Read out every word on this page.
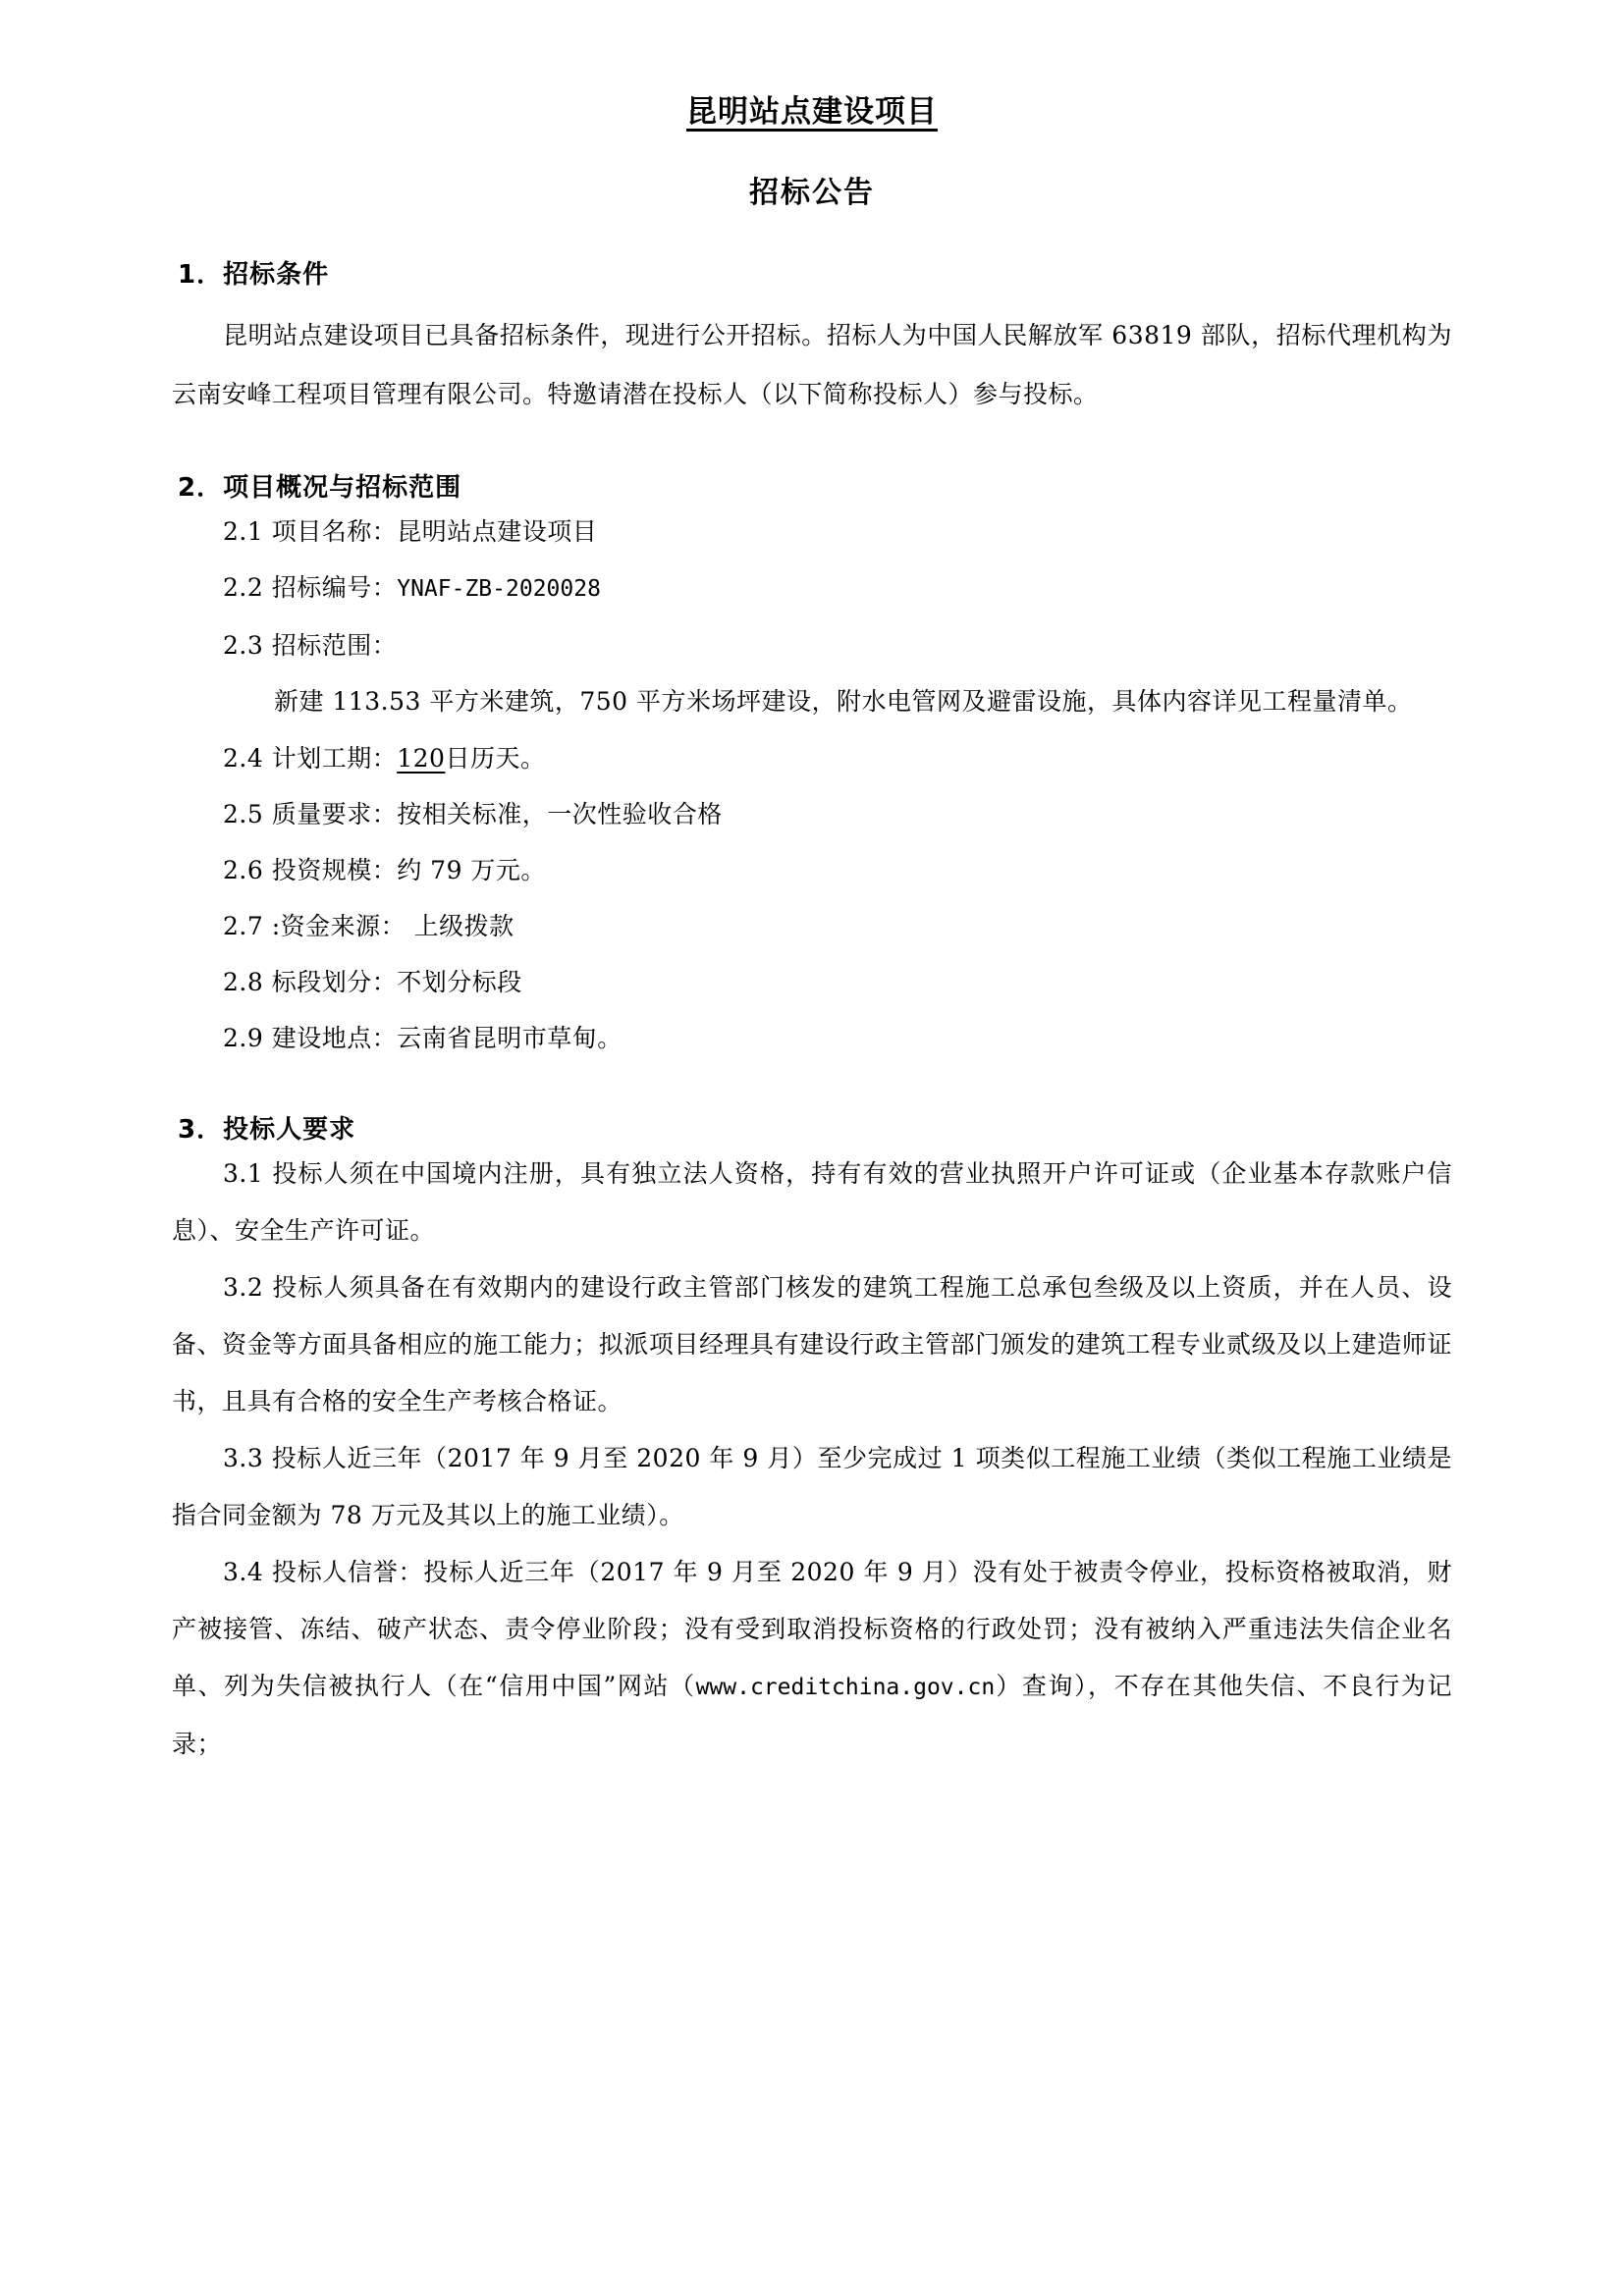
昆明站点建设项目
招标公告
1．招标条件

昆明站点建设项目已具备招标条件，现进行公开招标。招标人为中国人民解放军 63819 部队，招标代理机构为云南安峰工程项目管理有限公司。特邀请潜在投标人（以下简称投标人）参与投标。

2．项目概况与招标范围

2.1 项目名称：昆明站点建设项目

2.2 招标编号：YNAF-ZB-2020028

2.3 招标范围：

新建 113.53 平方米建筑，750 平方米场坪建设，附水电管网及避雷设施，具体内容详见工程量清单。

2.4 计划工期：120日历天。

2.5 质量要求：按相关标准，一次性验收合格

2.6 投资规模：约 79 万元。

2.7 :资金来源： 上级拨款

2.8 标段划分：不划分标段

2.9 建设地点：云南省昆明市草甸。

3．投标人要求

3.1 投标人须在中国境内注册，具有独立法人资格，持有有效的营业执照开户许可证或（企业基本存款账户信息）、安全生产许可证。

3.2 投标人须具备在有效期内的建设行政主管部门核发的建筑工程施工总承包叁级及以上资质，并在人员、设备、资金等方面具备相应的施工能力；拟派项目经理具有建设行政主管部门颁发的建筑工程专业贰级及以上建造师证书，且具有合格的安全生产考核合格证。

3.3 投标人近三年（2017 年 9 月至 2020 年 9 月）至少完成过 1 项类似工程施工业绩（类似工程施工业绩是指合同金额为 78 万元及其以上的施工业绩）。

3.4 投标人信誉：投标人近三年（2017 年 9 月至 2020 年 9 月）没有处于被责令停业，投标资格被取消，财产被接管、冻结、破产状态、责令停业阶段；没有受到取消投标资格的行政处罚；没有被纳入严重违法失信企业名单、列为失信被执行人（在“信用中国”网站（www.creditchina.gov.cn）查询），不存在其他失信、不良行为记录；
